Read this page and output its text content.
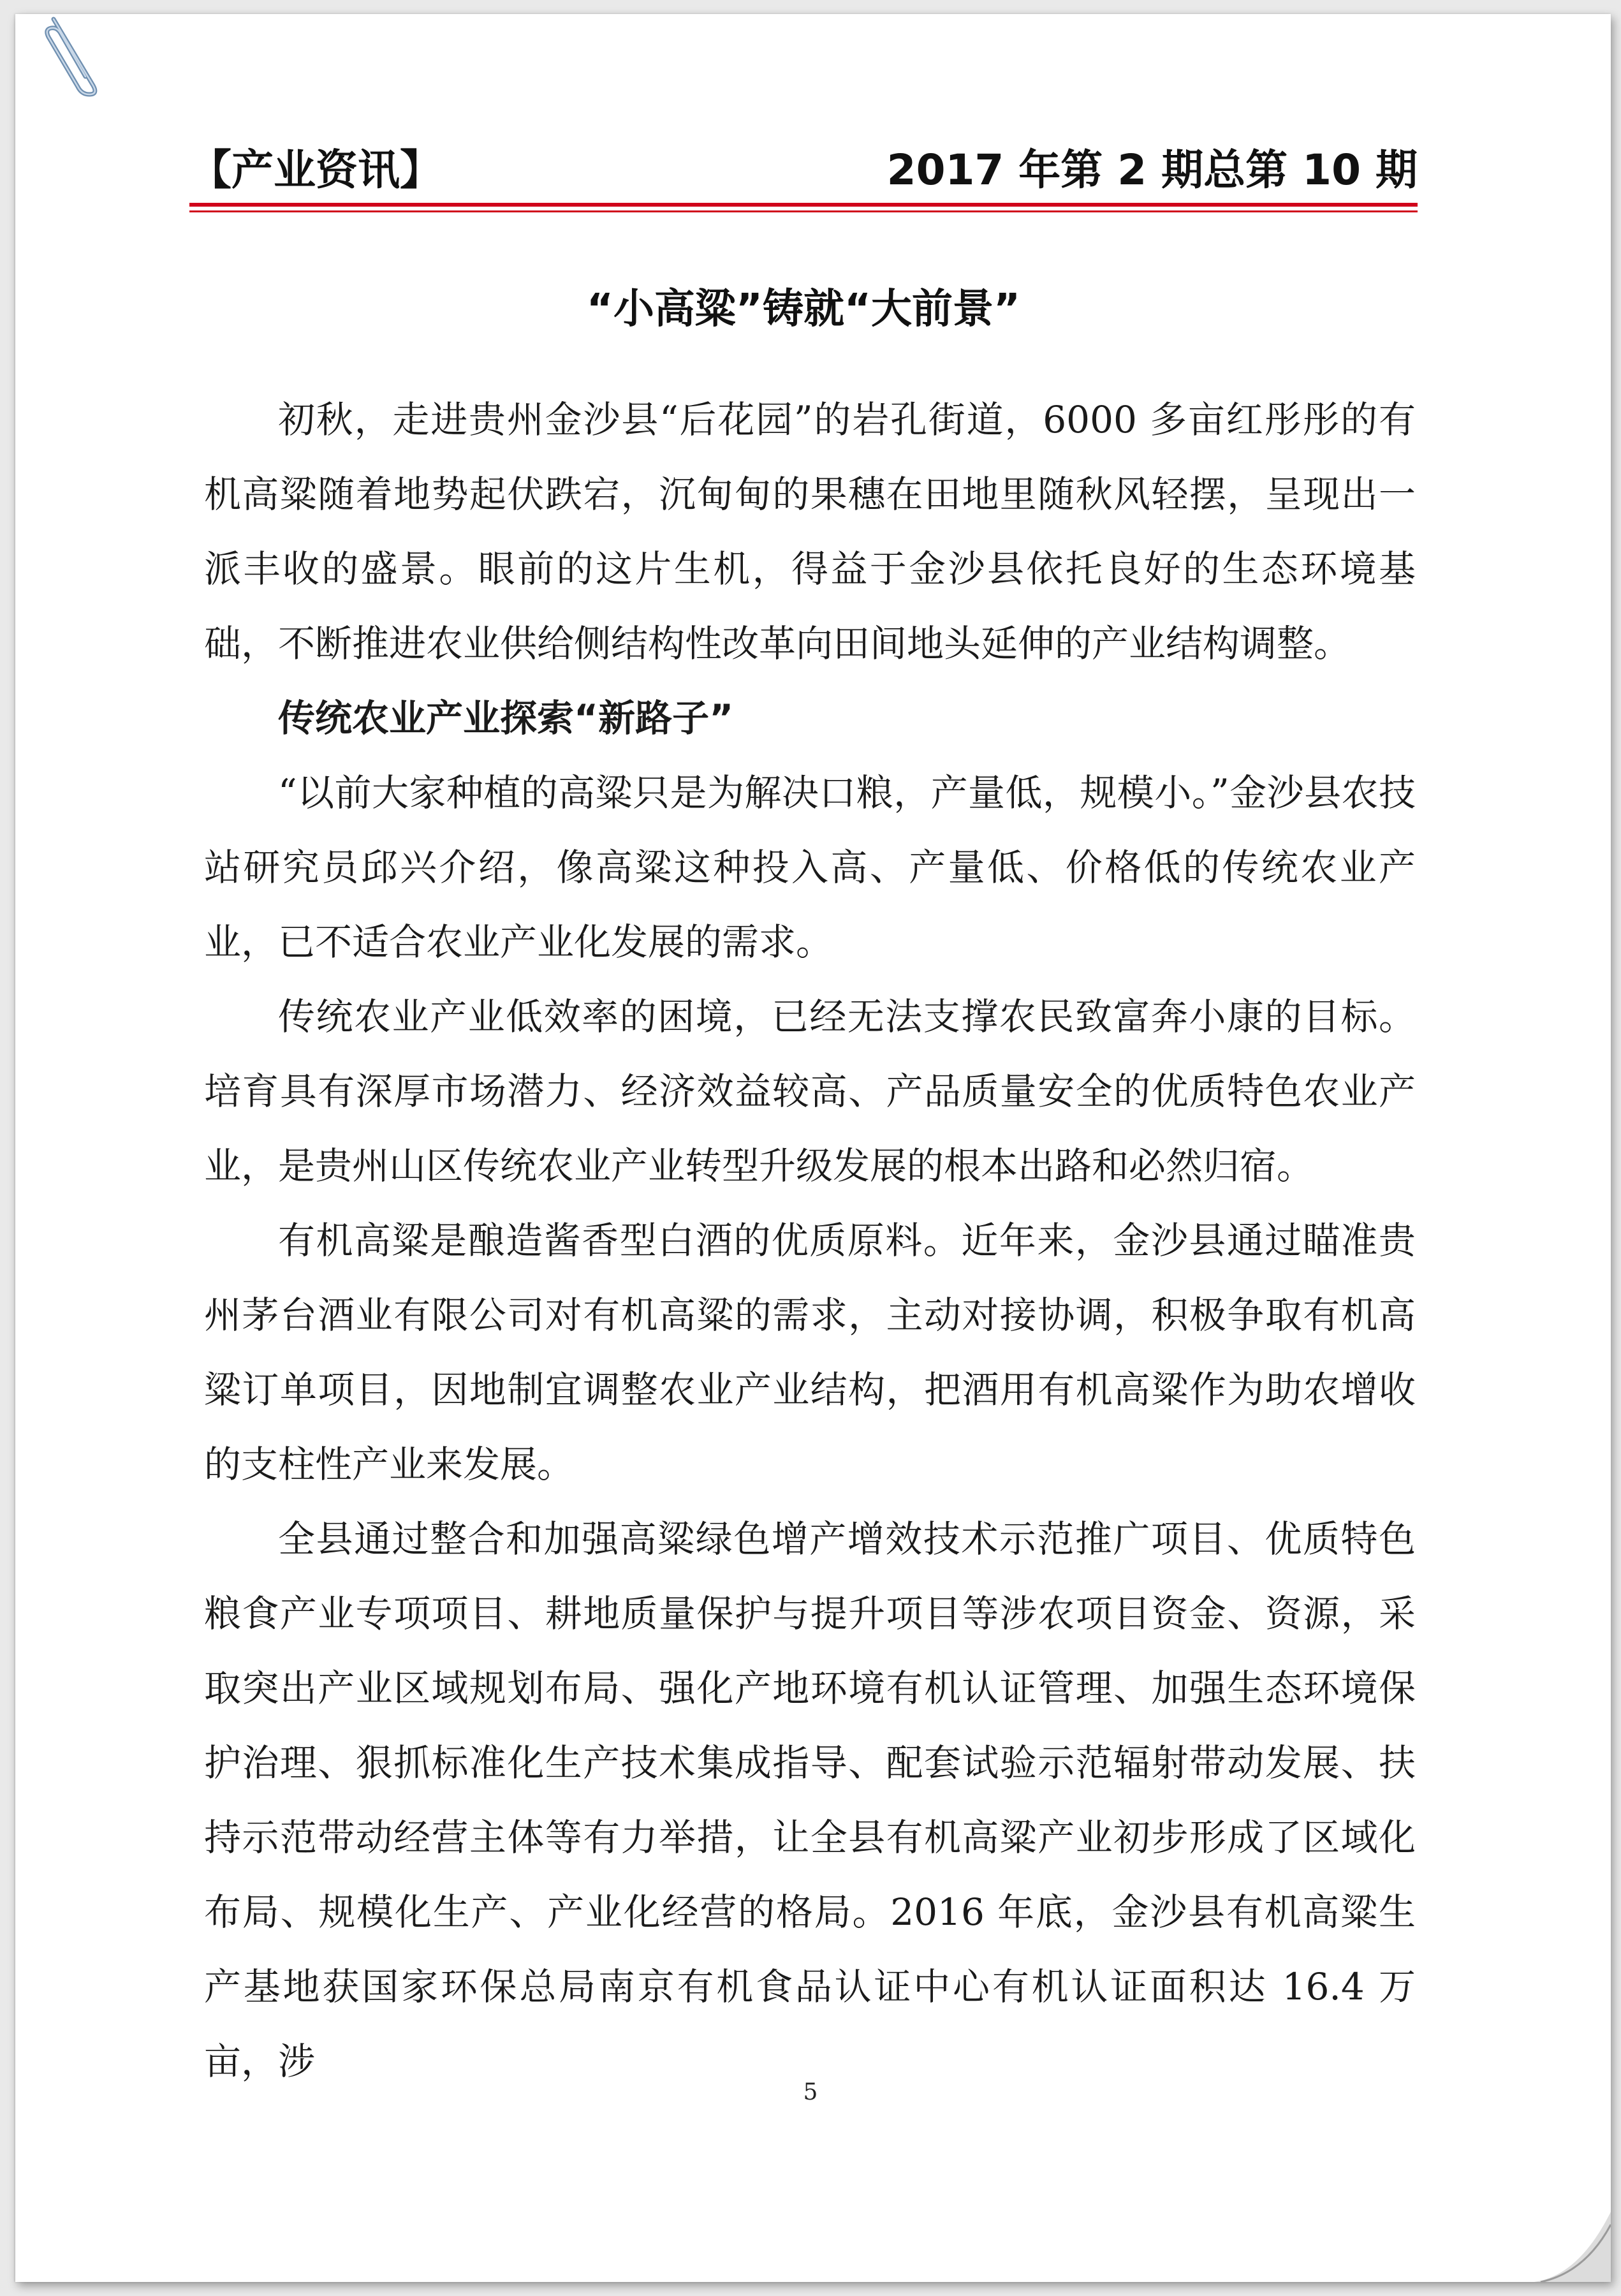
【产业资讯】	2017 年第 2 期总第 10 期
“小高粱”铸就“大前景”

初秋，走进贵州金沙县“后花园”的岩孔街道，6000 多亩红彤彤的有机高粱随着地势起伏跌宕，沉甸甸的果穗在田地里随秋风轻摆，呈现出一派丰收的盛景。眼前的这片生机，得益于金沙县依托良好的生态环境基础，不断推进农业供给侧结构性改革向田间地头延伸的产业结构调整。

传统农业产业探索“新路子”

“以前大家种植的高粱只是为解决口粮，产量低，规模小。”金沙县农技站研究员邱兴介绍，像高粱这种投入高、产量低、价格低的传统农业产业，已不适合农业产业化发展的需求。

传统农业产业低效率的困境，已经无法支撑农民致富奔小康的目标。培育具有深厚市场潜力、经济效益较高、产品质量安全的优质特色农业产业，是贵州山区传统农业产业转型升级发展的根本出路和必然归宿。

有机高粱是酿造酱香型白酒的优质原料。近年来，金沙县通过瞄准贵州茅台酒业有限公司对有机高粱的需求，主动对接协调，积极争取有机高粱订单项目，因地制宜调整农业产业结构，把酒用有机高粱作为助农增收的支柱性产业来发展。

全县通过整合和加强高粱绿色增产增效技术示范推广项目、优质特色粮食产业专项项目、耕地质量保护与提升项目等涉农项目资金、资源，采取突出产业区域规划布局、强化产地环境有机认证管理、加强生态环境保护治理、狠抓标准化生产技术集成指导、配套试验示范辐射带动发展、扶持示范带动经营主体等有力举措，让全县有机高粱产业初步形成了区域化布局、规模化生产、产业化经营的格局。2016 年底，金沙县有机高粱生产基地获国家环保总局南京有机食品认证中心有机认证面积达 16.4 万亩，涉

5
